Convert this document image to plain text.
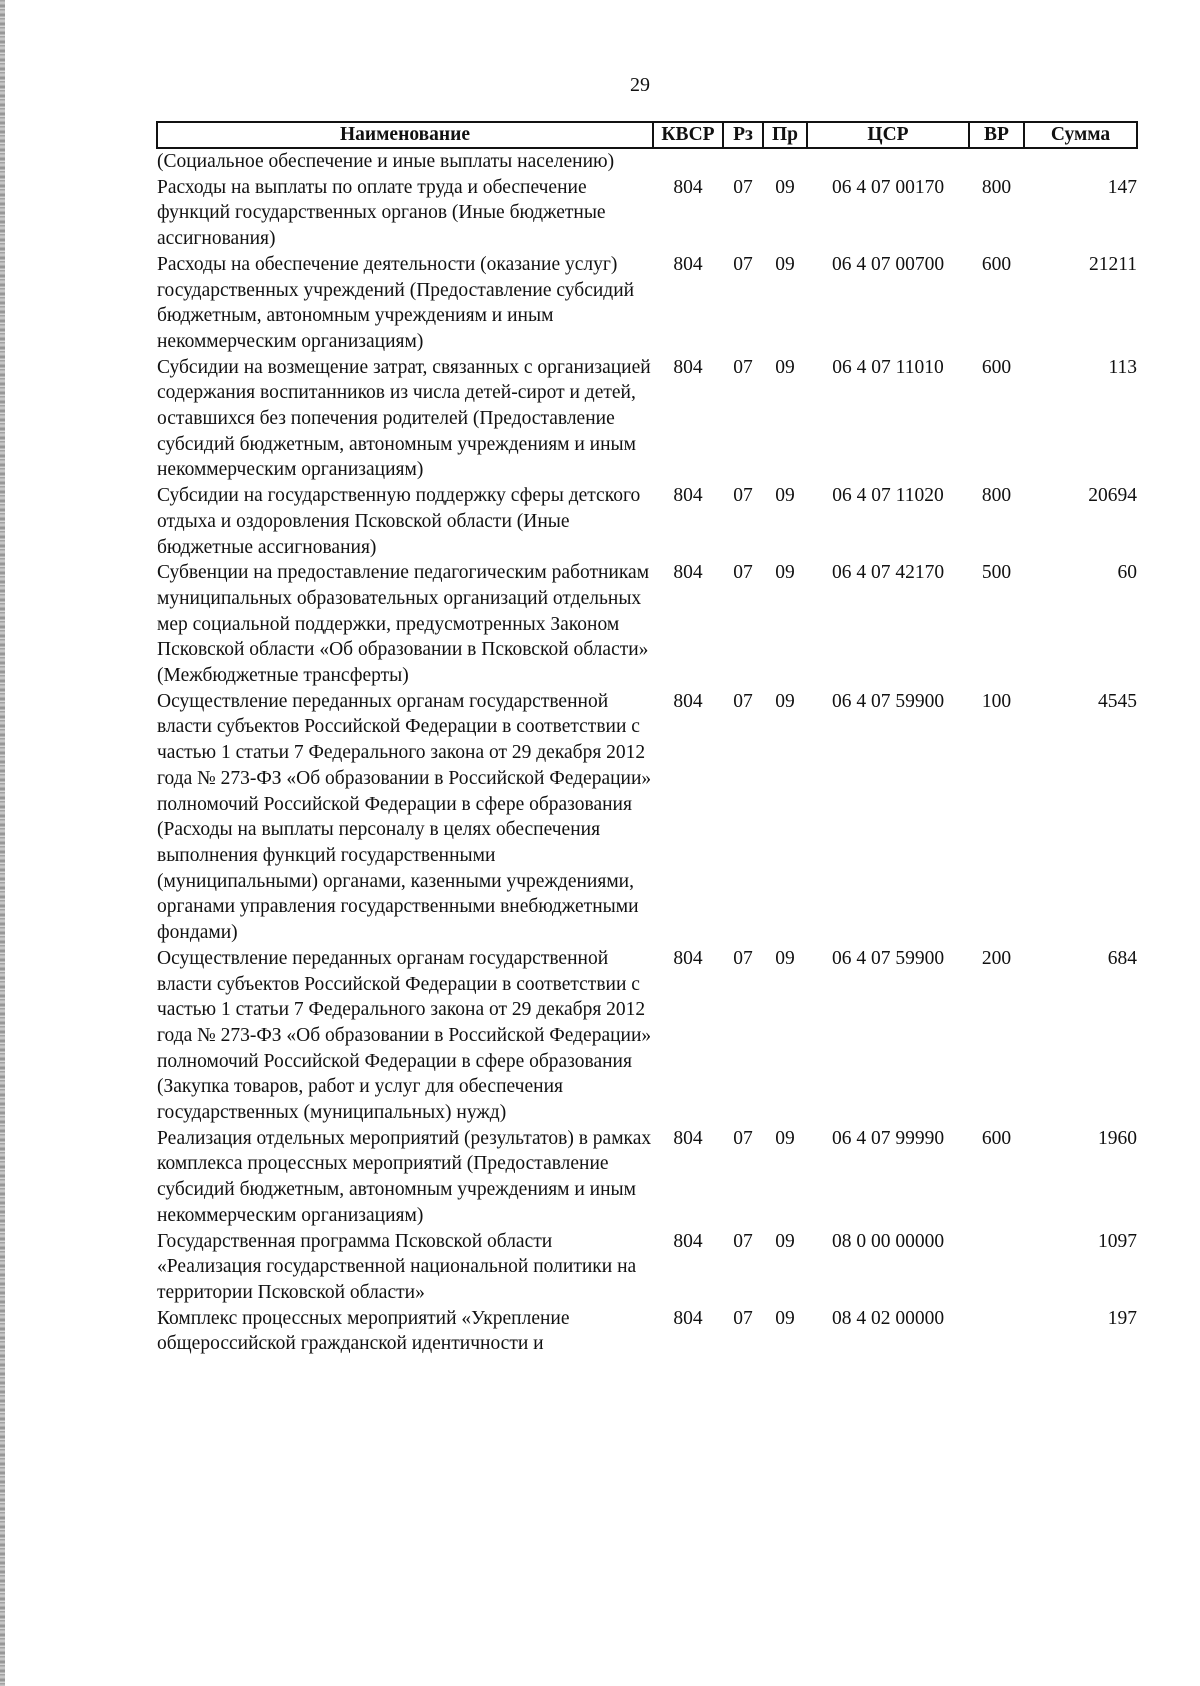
29
Наименование	КВСР	Рз	Пр	ЦСР	ВР	Сумма
(Социальное обеспечение и иные выплаты населению)						
Расходы на выплаты по оплате труда и обеспечение функций государственных органов (Иные бюджетные ассигнования)	804	07	09	06 4 07 00170	800	147
Расходы на обеспечение деятельности (оказание услуг) государственных учреждений (Предоставление субсидий бюджетным, автономным учреждениям и иным некоммерческим организациям)	804	07	09	06 4 07 00700	600	21211
Субсидии на возмещение затрат, связанных с организацией содержания воспитанников из числа детей-сирот и детей, оставшихся без попечения родителей (Предоставление субсидий бюджетным, автономным учреждениям и иным некоммерческим организациям)	804	07	09	06 4 07 11010	600	113
Субсидии на государственную поддержку сферы детского отдыха и оздоровления Псковской области (Иные бюджетные ассигнования)	804	07	09	06 4 07 11020	800	20694
Субвенции на предоставление педагогическим работникам муниципальных образовательных организаций отдельных мер социальной поддержки, предусмотренных Законом Псковской области «Об образовании в Псковской области» (Межбюджетные трансферты)	804	07	09	06 4 07 42170	500	60
Осуществление переданных органам государственной власти субъектов Российской Федерации в соответствии с частью 1 статьи 7 Федерального закона от 29 декабря 2012 года № 273-ФЗ «Об образовании в Российской Федерации» полномочий Российской Федерации в сфере образования (Расходы на выплаты персоналу в целях обеспечения выполнения функций государственными (муниципальными) органами, казенными учреждениями, органами управления государственными внебюджетными фондами)	804	07	09	06 4 07 59900	100	4545
Осуществление переданных органам государственной власти субъектов Российской Федерации в соответствии с частью 1 статьи 7 Федерального закона от 29 декабря 2012 года № 273-ФЗ «Об образовании в Российской Федерации» полномочий Российской Федерации в сфере образования (Закупка товаров, работ и услуг для обеспечения государственных (муниципальных) нужд)	804	07	09	06 4 07 59900	200	684
Реализация отдельных мероприятий (результатов) в рамках комплекса процессных мероприятий (Предоставление субсидий бюджетным, автономным учреждениям и иным некоммерческим организациям)	804	07	09	06 4 07 99990	600	1960
Государственная программа Псковской области «Реализация государственной национальной политики на территории Псковской области»	804	07	09	08 0 00 00000		1097
Комплекс процессных мероприятий «Укрепление общероссийской гражданской идентичности и	804	07	09	08 4 02 00000		197
